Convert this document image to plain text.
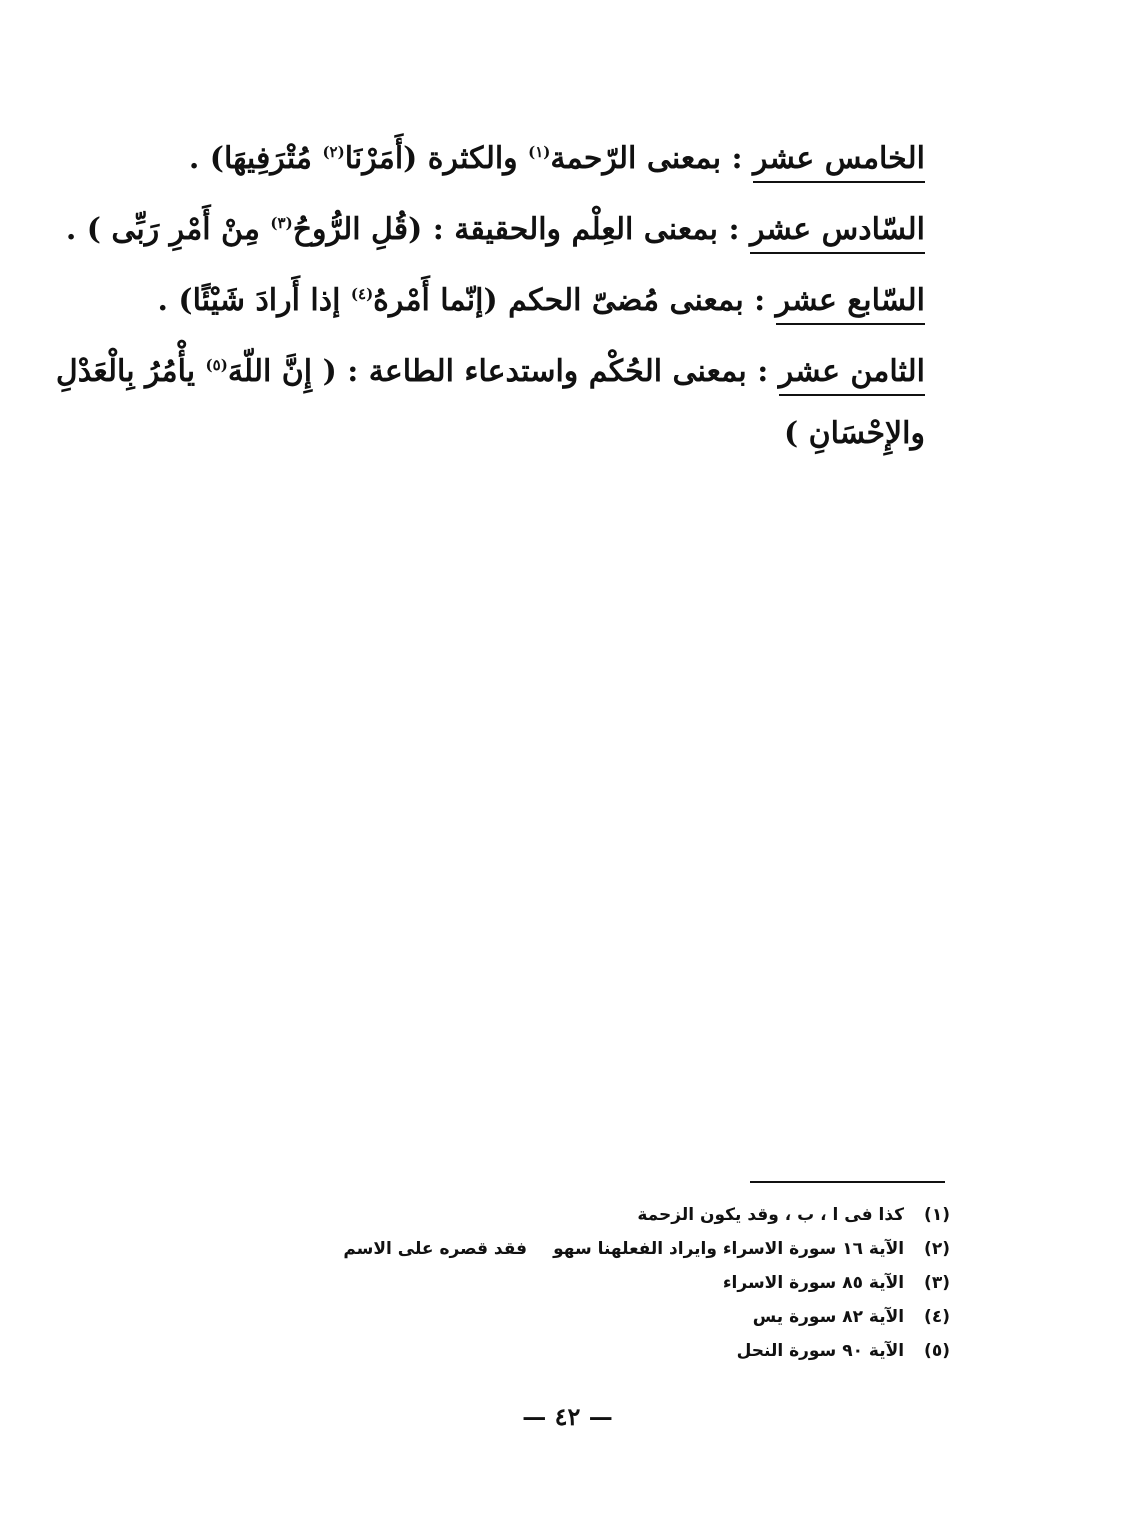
الخامس عشر : بمعنى الرّحمة$^{(١)}$ والكثرة (أَمَرْنَا$^{(٢)}$ مُتْرَفِيهَا) .
السّادس عشر : بمعنى العِلْم والحقيقة : (قُلِ الرُّوحُ$^{(٣)}$ مِنْ أَمْرِ رَبِّى ) .
السّابع عشر : بمعنى مُضىّ الحكم (إنّما أَمْرهُ$^{(٤)}$ إذا أَرادَ شَيْئًا) .
الثامن عشر : بمعنى الحُكْم واستدعاء الطاعة : ( إِنَّ اللّهَ$^{(٥)}$ يأْمُرُ بِالْعَدْلِ
والإِحْسَانِ )
(١) كذا فى ا ، ب ، وقد يكون الزحمة
(٢) الآية ١٦ سورة الاسراء وايراد الفعلهنا سهوفقد قصره على الاسم
(٣) الآية ٨٥ سورة الاسراء
(٤) الآية ٨٢ سورة يس
(٥) الآية ٩٠ سورة النحل
— ٤٢ —
